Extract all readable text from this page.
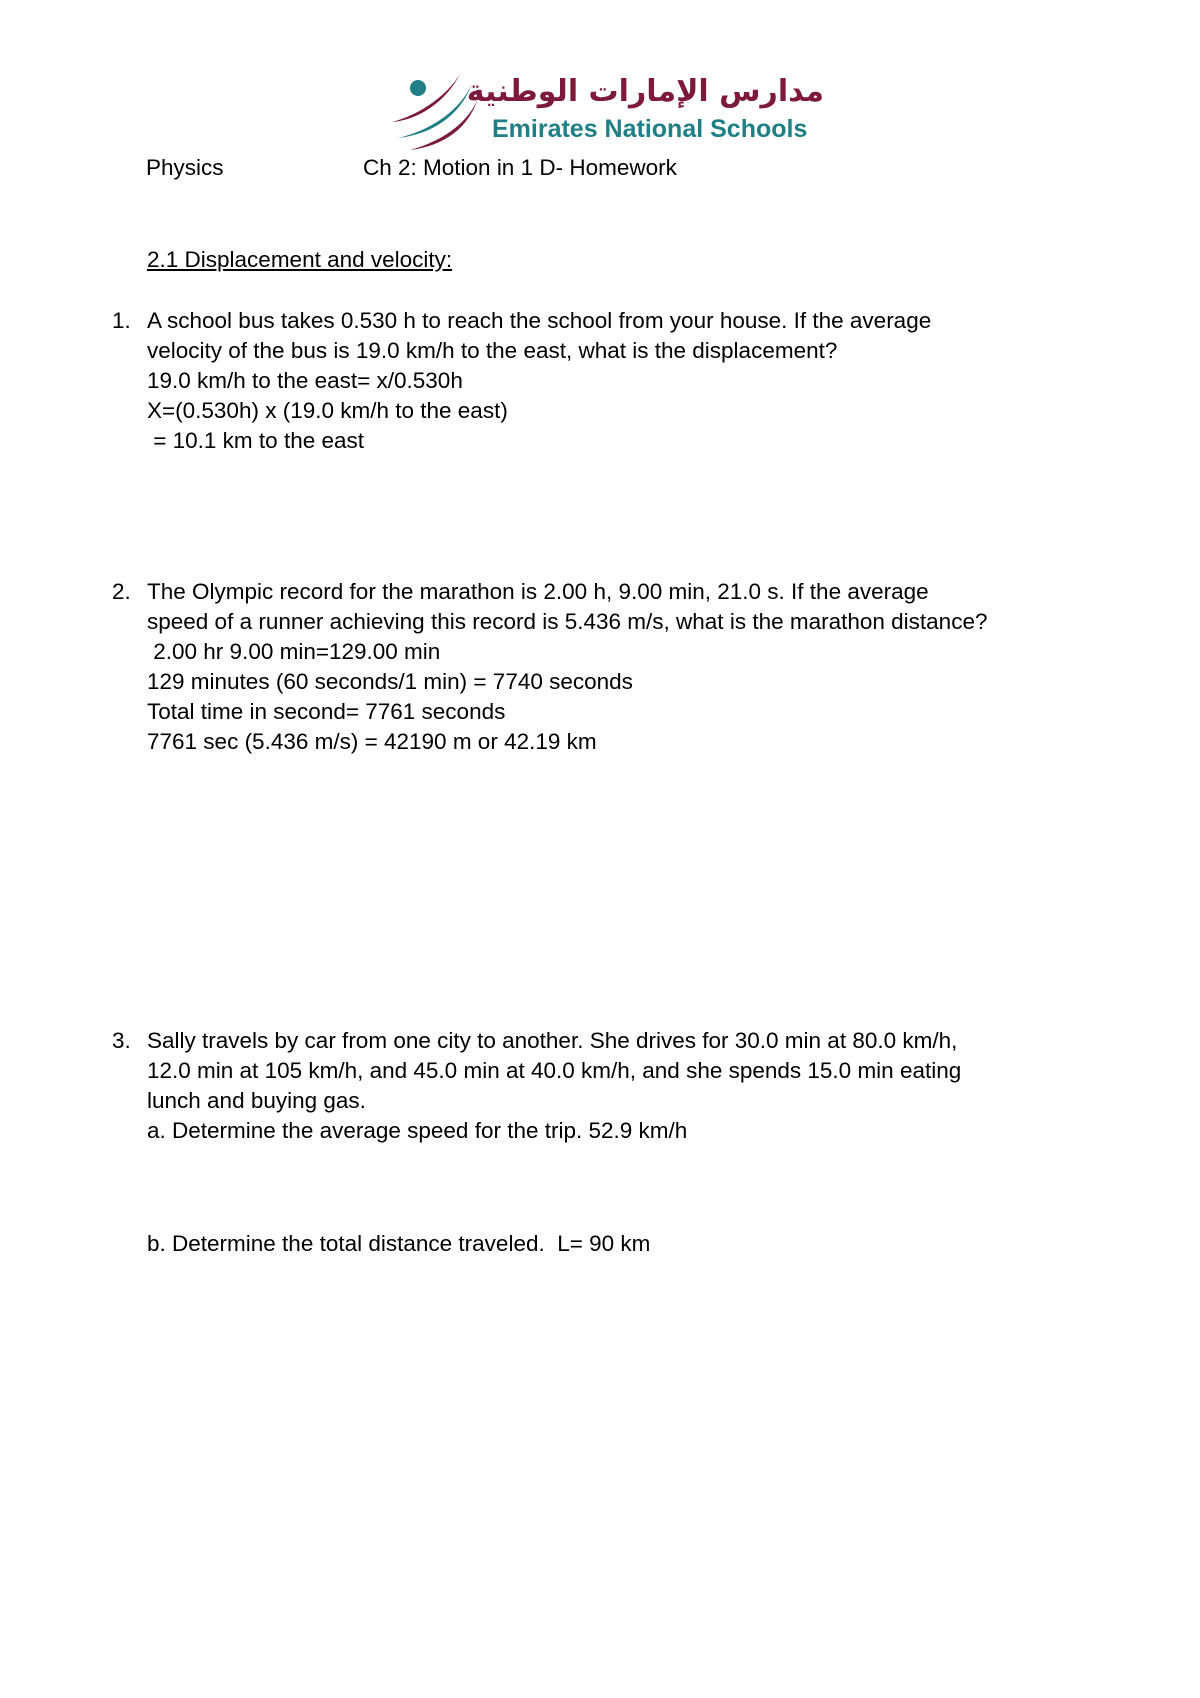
مدارس الإمارات الوطنية
Emirates National Schools
Physics	Ch 2: Motion in 1 D- Homework
2.1 Displacement and velocity:
1. A school bus takes 0.530 h to reach the school from your house. If the average
velocity of the bus is 19.0 km/h to the east, what is the displacement?
19.0 km/h to the east= x/0.530h
X=(0.530h) x (19.0 km/h to the east)
= 10.1 km to the east
2. The Olympic record for the marathon is 2.00 h, 9.00 min, 21.0 s. If the average
speed of a runner achieving this record is 5.436 m/s, what is the marathon distance?
2.00 hr 9.00 min=129.00 min
129 minutes (60 seconds/1 min) = 7740 seconds
Total time in second= 7761 seconds
7761 sec (5.436 m/s) = 42190 m or 42.19 km
3. Sally travels by car from one city to another. She drives for 30.0 min at 80.0 km/h,
12.0 min at 105 km/h, and 45.0 min at 40.0 km/h, and she spends 15.0 min eating
lunch and buying gas.
a. Determine the average speed for the trip. 52.9 km/h
b. Determine the total distance traveled.  L= 90 km
